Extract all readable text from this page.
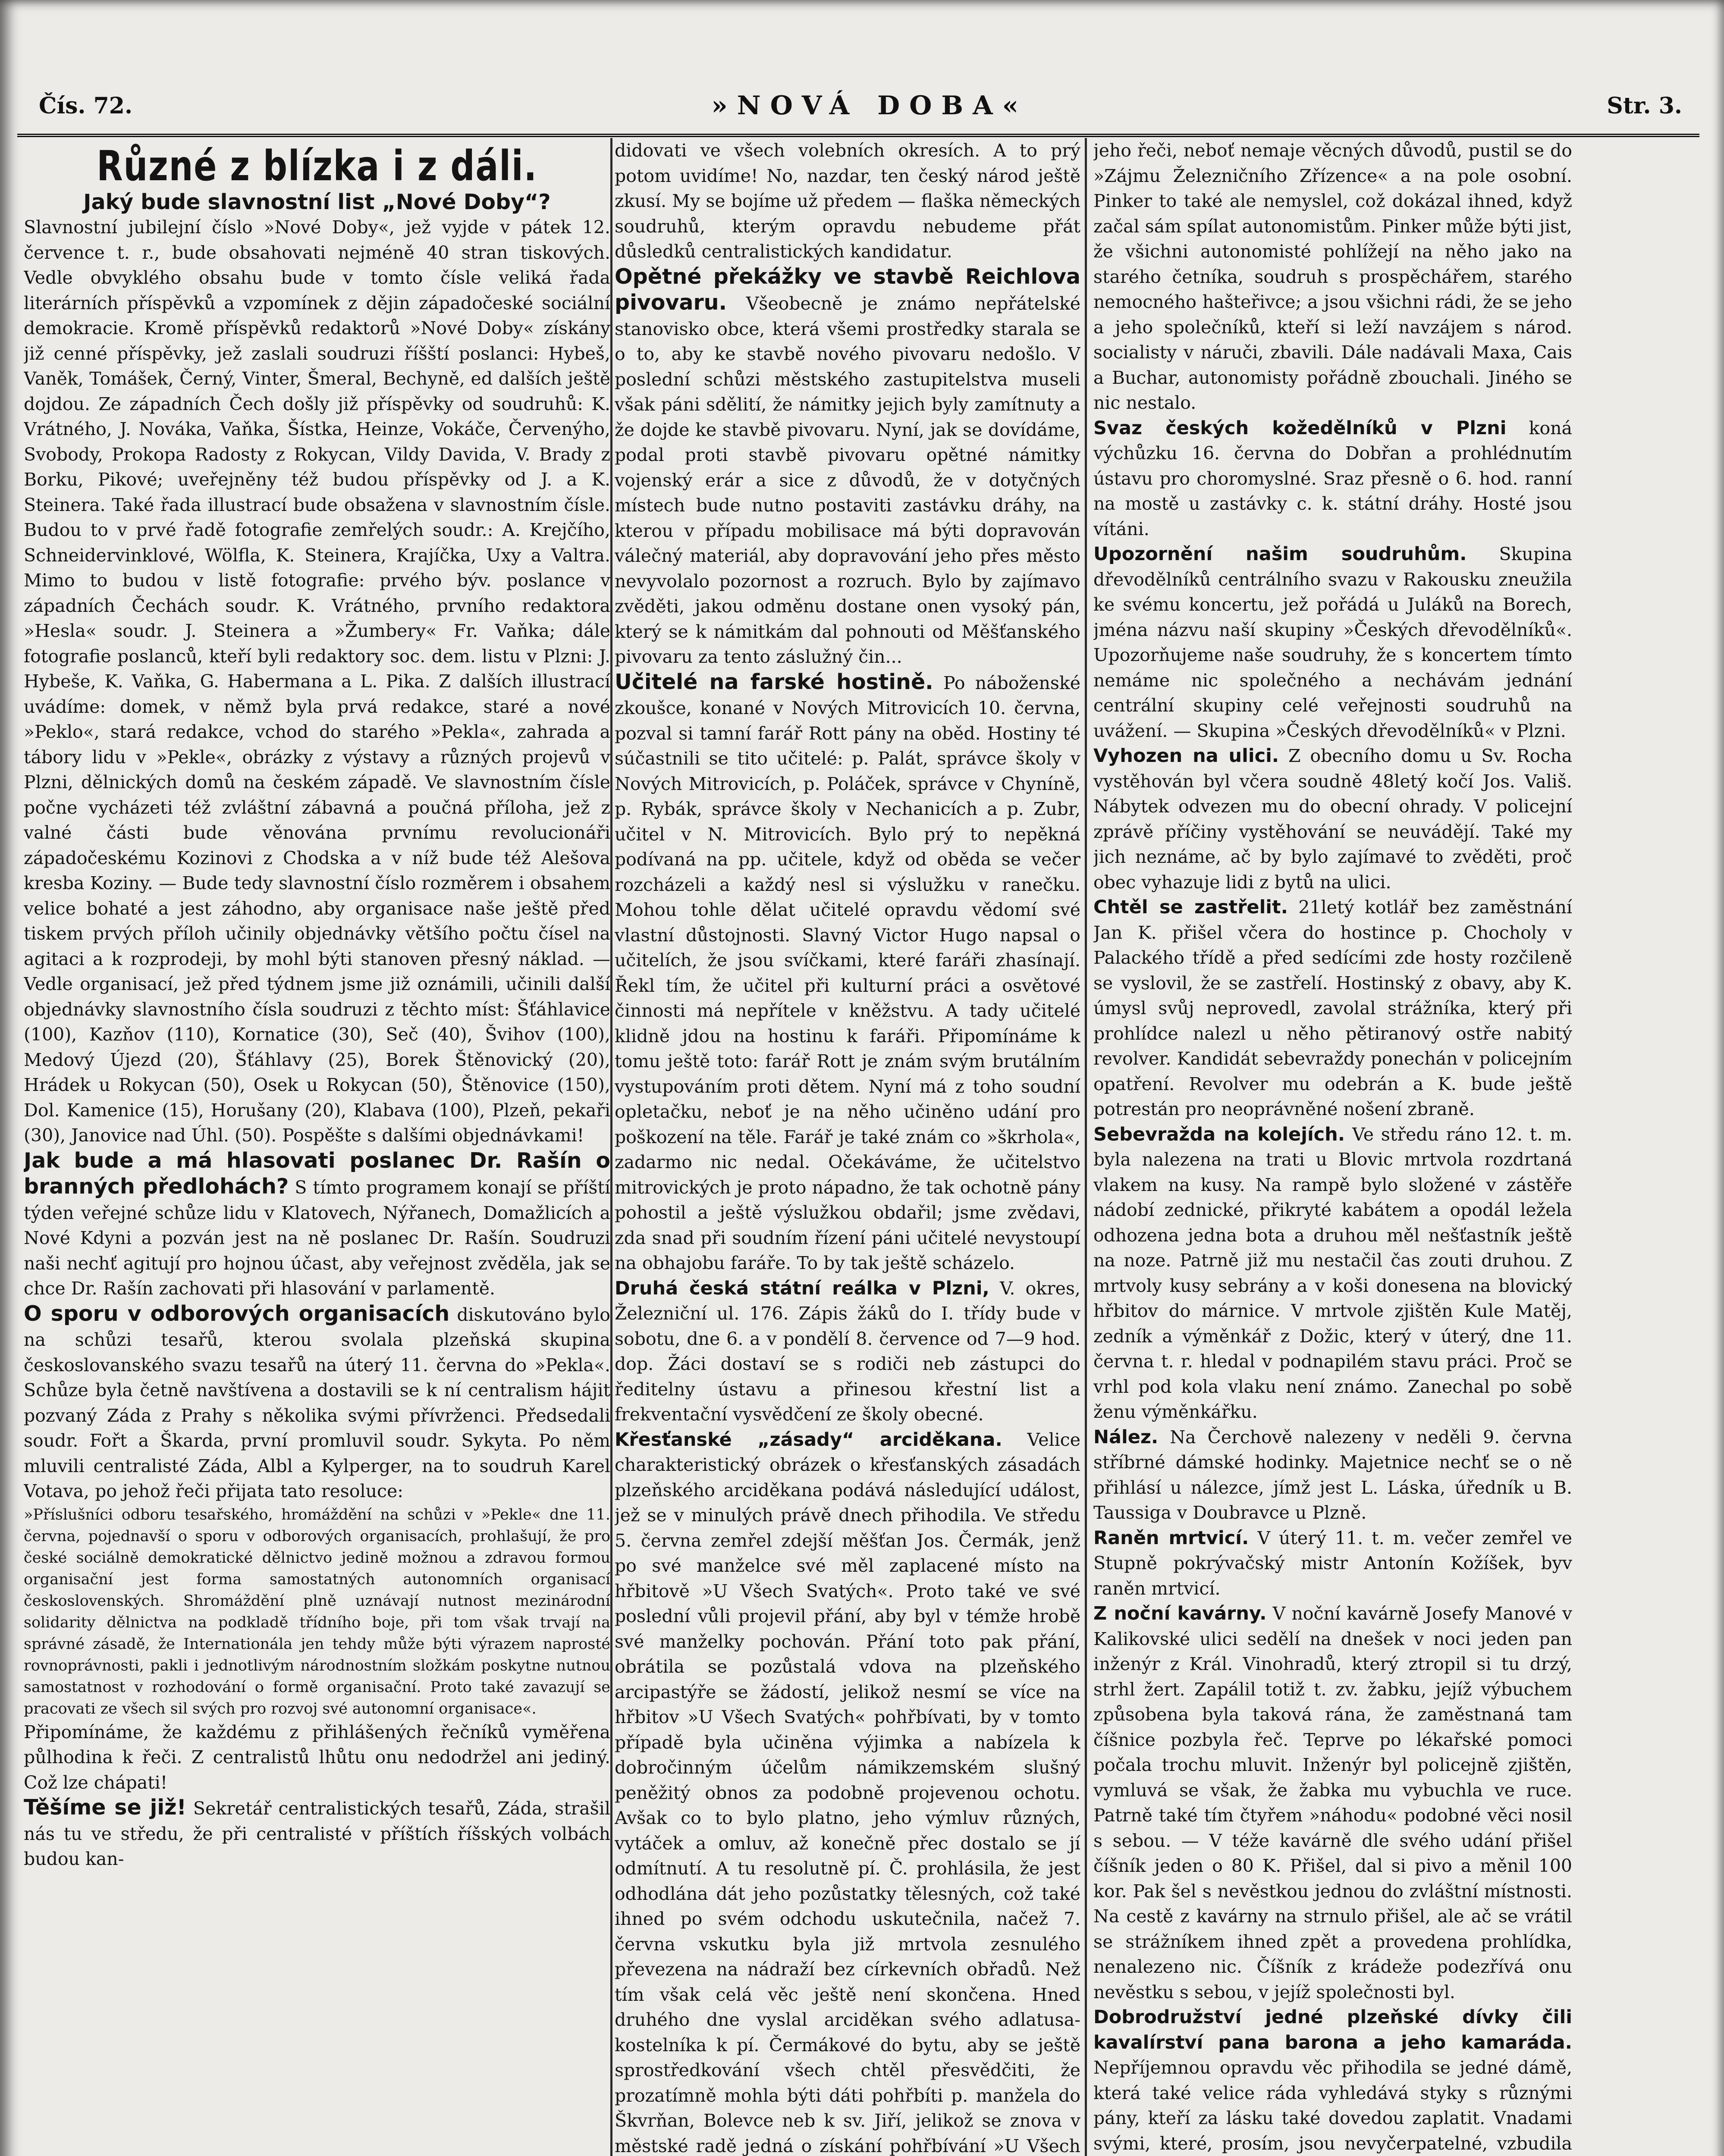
Čís. 72.	»NOVÁ DOBA«	Str. 3.
Různé z blízka i z dáli.

Jaký bude slavnostní list „Nové Doby“?

Slavnostní jubilejní číslo »Nové Doby«, jež vyjde v pátek 12. července t. r., bude obsahovati nejméně 40 stran tiskových. Vedle obvyklého obsahu bude v tomto čísle veliká řada literárních příspěvků a vzpomínek z dějin západočeské sociální demokracie. Kromě příspěvků redaktorů »Nové Doby« získány již cenné příspěvky, jež zaslali soudruzi říšští poslanci: Hybeš, Vaněk, Tomášek, Černý, Vinter, Šmeral, Bechyně, ed dalších ještě dojdou. Ze západních Čech došly již příspěvky od soudruhů: K. Vrátného, J. Nováka, Vaňka, Šístka, Heinze, Vokáče, Červenýho, Svobody, Prokopa Radosty z Rokycan, Vildy Davida, V. Brady z Borku, Pikové; uveřejněny též budou příspěvky od J. a K. Steinera. Také řada illustrací bude obsažena v slavnostním čísle. Budou to v prvé řadě fotografie zemřelých soudr.: A. Krejčího, Schneidervinklové, Wölfla, K. Steinera, Krajíčka, Uxy a Valtra. Mimo to budou v listě fotografie: prvého býv. poslance v západních Čechách soudr. K. Vrátného, prvního redaktora »Hesla« soudr. J. Steinera a »Žumbery« Fr. Vaňka; dále fotografie poslanců, kteří byli redaktory soc. dem. listu v Plzni: J. Hybeše, K. Vaňka, G. Habermana a L. Pika. Z dalších illustrací uvádíme: domek, v němž byla prvá redakce, staré a nové »Peklo«, stará redakce, vchod do starého »Pekla«, zahrada a tábory lidu v »Pekle«, obrázky z výstavy a různých projevů v Plzni, dělnických domů na českém západě. Ve slavnostním čísle počne vycházeti též zvláštní zábavná a poučná příloha, jež z valné části bude věnována prvnímu revolucionáři západočeskému Kozinovi z Chodska a v níž bude též Alešova kresba Koziny. — Bude tedy slavnostní číslo rozměrem i obsahem velice bohaté a jest záhodno, aby organisace naše ještě před tiskem prvých příloh učinily objednávky většího počtu čísel na agitaci a k rozprodeji, by mohl býti stanoven přesný náklad. — Vedle organisací, jež před týdnem jsme již oznámili, učinili další objednávky slavnostního čísla soudruzi z těchto míst: Šťáhlavice (100), Kazňov (110), Kornatice (30), Seč (40), Švihov (100), Medový Újezd (20), Šťáhlavy (25), Borek Štěnovický (20), Hrádek u Rokycan (50), Osek u Rokycan (50), Štěnovice (150), Dol. Kamenice (15), Horušany (20), Klabava (100), Plzeň, pekaři (30), Janovice nad Úhl. (50). Pospěšte s dalšími objednávkami!

Jak bude a má hlasovati poslanec Dr. Rašín o branných předlohách? S tímto programem konají se příští týden veřejné schůze lidu v Klatovech, Nýřanech, Domažlicích a Nové Kdyni a pozván jest na ně poslanec Dr. Rašín. Soudruzi naši nechť agitují pro hojnou účast, aby veřejnost zvěděla, jak se chce Dr. Rašín zachovati při hlasování v parlamentě.

O sporu v odborových organisacích diskutováno bylo na schůzi tesařů, kterou svolala plzeňská skupina českoslovanského svazu tesařů na úterý 11. června do »Pekla«. Schůze byla četně navštívena a dostavili se k ní centralism hájit pozvaný Záda z Prahy s několika svými přívrženci. Předsedali soudr. Fořt a Škarda, první promluvil soudr. Sykyta. Po něm mluvili centralisté Záda, Albl a Kylperger, na to soudruh Karel Votava, po jehož řeči přijata tato resoluce:

»Příslušníci odboru tesařského, hromáždění na schůzi v »Pekle« dne 11. června, pojednavší o sporu v odborových organisacích, prohlašují, že pro české sociálně demokratické dělnictvo jedině možnou a zdravou formou organisační jest forma samostatných autonomních organisací československých. Shromáždění plně uznávají nutnost mezinárodní solidarity dělnictva na podkladě třídního boje, při tom však trvají na správné zásadě, že Internationála jen tehdy může býti výrazem naprosté rovnoprávnosti, pakli i jednotlivým národnostním složkám poskytne nutnou samostatnost v rozhodování o formě organisační. Proto také zavazují se pracovati ze všech sil svých pro rozvoj své autonomní organisace«.

Připomínáme, že každému z přihlášených řečníků vyměřena půlhodina k řeči. Z centralistů lhůtu onu nedodržel ani jediný. Což lze chápati!

Těšíme se již! Sekretář centralistických tesařů, Záda, strašil nás tu ve středu, že při centralisté v příštích říšských volbách budou kan-

didovati ve všech volebních okresích. A to prý potom uvidíme! No, nazdar, ten český národ ještě zkusí. My se bojíme už předem — flaška německých soudruhů, kterým opravdu nebudeme přát důsledků centralistických kandidatur.

Opětné překážky ve stavbě Reichlova pivovaru. Všeobecně je známo nepřátelské stanovisko obce, která všemi prostředky starala se o to, aby ke stavbě nového pivovaru nedošlo. V poslední schůzi městského zastupitelstva museli však páni sdělití, že námitky jejich byly zamítnuty a že dojde ke stavbě pivovaru. Nyní, jak se dovídáme, podal proti stavbě pivovaru opětné námitky vojenský erár a sice z důvodů, že v dotyčných místech bude nutno postaviti zastávku dráhy, na kterou v případu mobilisace má býti dopravován válečný materiál, aby dopravování jeho přes město nevyvolalo pozornost a rozruch. Bylo by zajímavo zvěděti, jakou odměnu dostane onen vysoký pán, který se k námitkám dal pohnouti od Měšťanského pivovaru za tento záslužný čin...

Učitelé na farské hostině. Po náboženské zkoušce, konané v Nových Mitrovicích 10. června, pozval si tamní farář Rott pány na oběd. Hostiny té súčastnili se tito učitelé: p. Palát, správce školy v Nových Mitrovicích, p. Poláček, správce v Chyníně, p. Rybák, správce školy v Nechanicích a p. Zubr, učitel v N. Mitrovicích. Bylo prý to nepěkná podívaná na pp. učitele, když od oběda se večer rozcházeli a každý nesl si výslužku v ranečku. Mohou tohle dělat učitelé opravdu vědomí své vlastní důstojnosti. Slavný Victor Hugo napsal o učitelích, že jsou svíčkami, které faráři zhasínají. Řekl tím, že učitel při kulturní práci a osvětové činnosti má nepřítele v kněžstvu. A tady učitelé klidně jdou na hostinu k faráři. Připomínáme k tomu ještě toto: farář Rott je znám svým brutálním vystupováním proti dětem. Nyní má z toho soudní opletačku, neboť je na něho učiněno udání pro poškození na těle. Farář je také znám co »škrhola«, zadarmo nic nedal. Očekáváme, že učitelstvo mitrovických je proto nápadno, že tak ochotně pány pohostil a ještě výslužkou obdařil; jsme zvědavi, zda snad při soudním řízení páni učitelé nevystoupí na obhajobu faráře. To by tak ještě scházelo.

Druhá česká státní reálka v Plzni, V. okres, Železniční ul. 176. Zápis žáků do I. třídy bude v sobotu, dne 6. a v pondělí 8. července od 7—9 hod. dop. Žáci dostaví se s rodiči neb zástupci do ředitelny ústavu a přinesou křestní list a frekventační vysvědčení ze školy obecné.

Křesťanské „zásady“ arciděkana. Velice charakteristický obrázek o křesťanských zásadách plzeňského arciděkana podává následující událost, jež se v minulých právě dnech přihodila. Ve středu 5. června zemřel zdejší měšťan Jos. Čermák, jenž po své manželce své měl zaplacené místo na hřbitově »U Všech Svatých«. Proto také ve své poslední vůli projevil přání, aby byl v témže hrobě své manželky pochován. Přání toto pak přání, obrátila se pozůstalá vdova na plzeňského arcipastýře se žádostí, jelikož nesmí se více na hřbitov »U Všech Svatých« pohřbívati, by v tomto případě byla učiněna výjimka a nabízela k dobročinným účelům námikzemském slušný peněžitý obnos za podobně projevenou ochotu. Avšak co to bylo platno, jeho výmluv různých, vytáček a omluv, až konečně přec dostalo se jí odmítnutí. A tu resolutně pí. Č. prohlásila, že jest odhodlána dát jeho pozůstatky tělesných, což také ihned po svém odchodu uskutečnila, načež 7. června vskutku byla již mrtvola zesnulého převezena na nádraží bez církevních obřadů. Než tím však celá věc ještě není skončena. Hned druhého dne vyslal arciděkan svého adlatusa-kostelníka k pí. Čermákové do bytu, aby se ještě sprostředkování všech chtěl přesvědčiti, že prozatímně mohla býti dáti pohřbíti p. manžela do Škvrňan, Bolevce neb k sv. Jiří, jelikož se znova v městské radě jedná o získání pohřbívání »U Všech

jeho řeči, neboť nemaje věcných důvodů, pustil se do »Zájmu Železničního Zřízence« a na pole osobní. Pinker to také ale nemyslel, což dokázal ihned, když začal sám spílat autonomistům. Pinker může býti jist, že všichni autonomisté pohlížejí na něho jako na starého četníka, soudruh s prospěchářem, starého nemocného hašteřivce; a jsou všichni rádi, že se jeho a jeho společníků, kteří si leží navzájem s národ. socialisty v náruči, zbavili. Dále nadávali Maxa, Cais a Buchar, autonomisty pořádně zbouchali. Jiného se nic nestalo.

Svaz českých kožedělníků v Plzni koná výchůzku 16. června do Dobřan a prohlédnutím ústavu pro choromyslné. Sraz přesně o 6. hod. ranní na mostě u zastávky c. k. státní dráhy. Hosté jsou vítáni.

Upozornění našim soudruhům. Skupina dřevodělníků centrálního svazu v Rakousku zneužila ke svému koncertu, jež pořádá u Juláků na Borech, jména názvu naší skupiny »Českých dřevodělníků«. Upozorňujeme naše soudruhy, že s koncertem tímto nemáme nic společného a nechávám jednání centrální skupiny celé veřejnosti soudruhů na uvážení. — Skupina »Českých dřevodělníků« v Plzni.

Vyhozen na ulici. Z obecního domu u Sv. Rocha vystěhován byl včera soudně 48letý kočí Jos. Vališ. Nábytek odvezen mu do obecní ohrady. V policejní zprávě příčiny vystěhování se neuvádějí. Také my jich neznáme, ač by bylo zajímavé to zvěděti, proč obec vyhazuje lidi z bytů na ulici.

Chtěl se zastřelit. 21letý kotlář bez zaměstnání Jan K. přišel včera do hostince p. Chocholy v Palackého třídě a před sedícími zde hosty rozčileně se vyslovil, že se zastřelí. Hostinský z obavy, aby K. úmysl svůj neprovedl, zavolal strážníka, který při prohlídce nalezl u něho pětiranový ostře nabitý revolver. Kandidát sebevraždy ponechán v policejním opatření. Revolver mu odebrán a K. bude ještě potrestán pro neoprávněné nošení zbraně.

Sebevražda na kolejích. Ve středu ráno 12. t. m. byla nalezena na trati u Blovic mrtvola rozdrtaná vlakem na kusy. Na rampě bylo složené v zástěře nádobí zednické, přikryté kabátem a opodál ležela odhozena jedna bota a druhou měl nešťastník ještě na noze. Patrně již mu nestačil čas zouti druhou. Z mrtvoly kusy sebrány a v koši donesena na blovický hřbitov do márnice. V mrtvole zjištěn Kule Matěj, zedník a výměnkář z Dožic, který v úterý, dne 11. června t. r. hledal v podnapilém stavu práci. Proč se vrhl pod kola vlaku není známo. Zanechal po sobě ženu výměnkářku.

Nález. Na Čerchově nalezeny v neděli 9. června stříbrné dámské hodinky. Majetnice nechť se o ně přihlásí u nálezce, jímž jest L. Láska, úředník u B. Taussiga v Doubravce u Plzně.

Raněn mrtvicí. V úterý 11. t. m. večer zemřel ve Stupně pokrývačský mistr Antonín Kožíšek, byv raněn mrtvicí.

Z noční kavárny. V noční kavárně Josefy Manové v Kalikovské ulici sedělí na dnešek v noci jeden pan inženýr z Král. Vinohradů, který ztropil si tu drzý, strhl žert. Zapálil totiž t. zv. žabku, jejíž výbuchem způsobena byla taková rána, že zaměstnaná tam číšnice pozbyla řeč. Teprve po lékařské pomoci počala trochu mluvit. Inženýr byl policejně zjištěn, vymluvá se však, že žabka mu vybuchla ve ruce. Patrně také tím čtyřem »náhodu« podobné věci nosil s sebou. — V téže kavárně dle svého udání přišel číšník jeden o 80 K. Přišel, dal si pivo a měnil 100 kor. Pak šel s nevěstkou jednou do zvláštní místnosti. Na cestě z kavárny na strnulo přišel, ale ač se vrátil se strážníkem ihned zpět a provedena prohlídka, nenalezeno nic. Číšník z krádeže podezřívá onu nevěstku s sebou, v jejíž společnosti byl.

Dobrodružství jedné plzeňské dívky čili kavalírství pana barona a jeho kamaráda. Nepříjemnou opravdu věc přihodila se jedné dámě, která také velice ráda vyhledává styky s různými pány, kteří za lásku také dovedou zaplatit. Vnadami svými, které, prosím, jsou nevyčerpatelné, vzbudila
